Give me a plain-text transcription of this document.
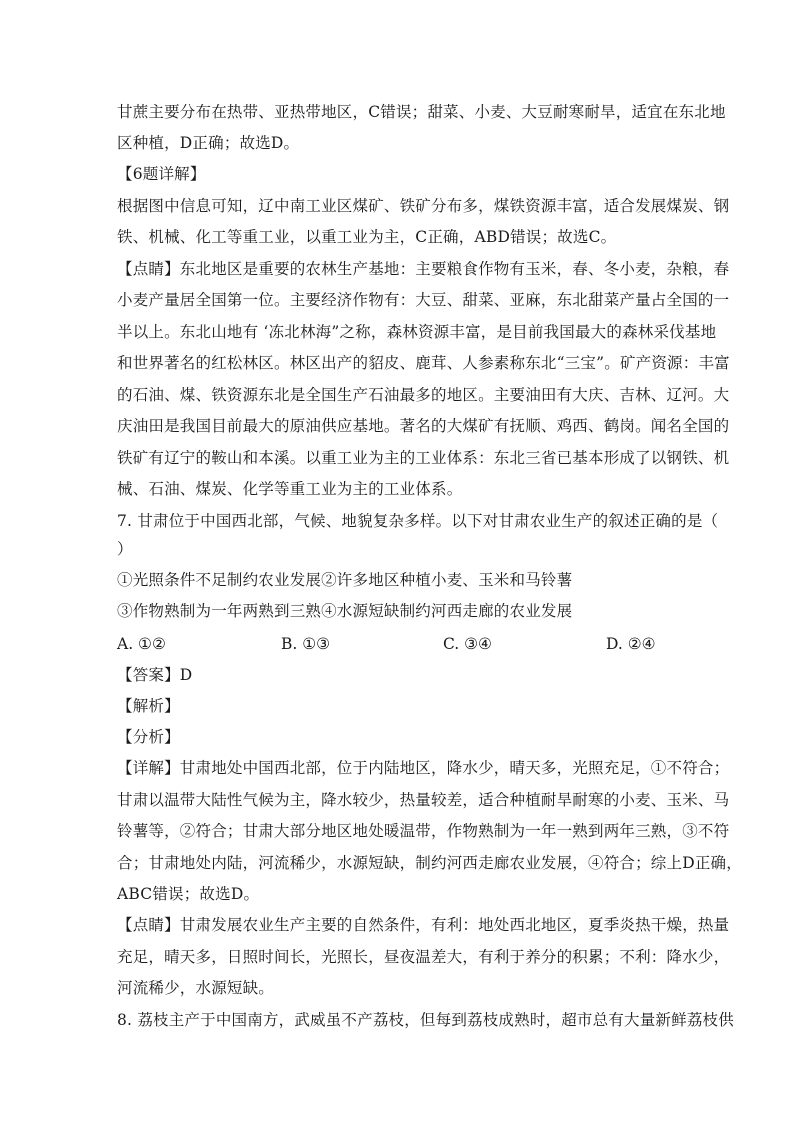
甘蔗主要分布在热带、亚热带地区，C错误；甜菜、小麦、大豆耐寒耐旱，适宜在东北地
区种植，D正确；故选D。
【6题详解】
根据图中信息可知，辽中南工业区煤矿、铁矿分布多，煤铁资源丰富，适合发展煤炭、钢
铁、机械、化工等重工业，以重工业为主，C正确，ABD错误；故选C。
【点睛】东北地区是重要的农林生产基地：主要粮食作物有玉米，春、冬小麦，杂粮，春
小麦产量居全国第一位。主要经济作物有：大豆、甜菜、亚麻，东北甜菜产量占全国的一
半以上。东北山地有 ‘冻北林海”之称，森林资源丰富，是目前我国最大的森林采伐基地
和世界著名的红松林区。林区出产的貂皮、鹿茸、人参素称东北“三宝”。矿产资源：丰富
的石油、煤、铁资源东北是全国生产石油最多的地区。主要油田有大庆、吉林、辽河。大
庆油田是我国目前最大的原油供应基地。著名的大煤矿有抚顺、鸡西、鹤岗。闻名全国的
铁矿有辽宁的鞍山和本溪。以重工业为主的工业体系：东北三省已基本形成了以钢铁、机
械、石油、煤炭、化学等重工业为主的工业体系。
7. 甘肃位于中国西北部，气候、地貌复杂多样。以下对甘肃农业生产的叙述正确的是（
）
①光照条件不足制约农业发展②许多地区种植小麦、玉米和马铃薯
③作物熟制为一年两熟到三熟④水源短缺制约河西走廊的农业发展
A. ①②	B. ①③	C. ③④	D. ②④
【答案】D
【解析】
【分析】
【详解】甘肃地处中国西北部，位于内陆地区，降水少，晴天多，光照充足，①不符合；
甘肃以温带大陆性气候为主，降水较少，热量较差，适合种植耐旱耐寒的小麦、玉米、马
铃薯等，②符合；甘肃大部分地区地处暖温带，作物熟制为一年一熟到两年三熟，③不符
合；甘肃地处内陆，河流稀少，水源短缺，制约河西走廊农业发展，④符合；综上D正确，
ABC错误；故选D。
【点睛】甘肃发展农业生产主要的自然条件，有利：地处西北地区，夏季炎热干燥，热量
充足，晴天多，日照时间长，光照长，昼夜温差大，有利于养分的积累；不利：降水少，
河流稀少，水源短缺。
8. 荔枝主产于中国南方，武威虽不产荔枝，但每到荔枝成熟时，超市总有大量新鲜荔枝供
